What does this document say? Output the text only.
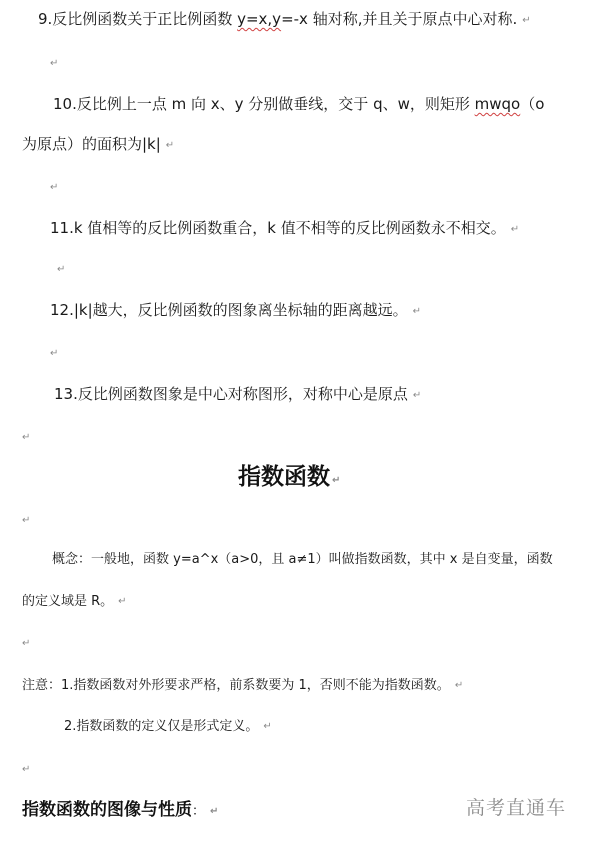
9.反比例函数关于正比例函数 y=x,y=-x 轴对称,并且关于原点中心对称. ↵
↵
10.反比例上一点 m 向 x、y 分别做垂线，交于 q、w，则矩形 mwqo（o
为原点）的面积为|k| ↵
↵
11.k 值相等的反比例函数重合，k 值不相等的反比例函数永不相交。 ↵
↵
12.|k|越大，反比例函数的图象离坐标轴的距离越远。 ↵
↵
13.反比例函数图象是中心对称图形，对称中心是原点 ↵
↵
指数函数 ↵
↵
概念：一般地，函数 y=a^x（a>0，且 a≠1）叫做指数函数，其中 x 是自变量，函数
的定义域是 R。 ↵
↵
注意：1.指数函数对外形要求严格，前系数要为 1，否则不能为指数函数。 ↵
2.指数函数的定义仅是形式定义。 ↵
↵
指数函数的图像与性质： ↵	高考直通车
